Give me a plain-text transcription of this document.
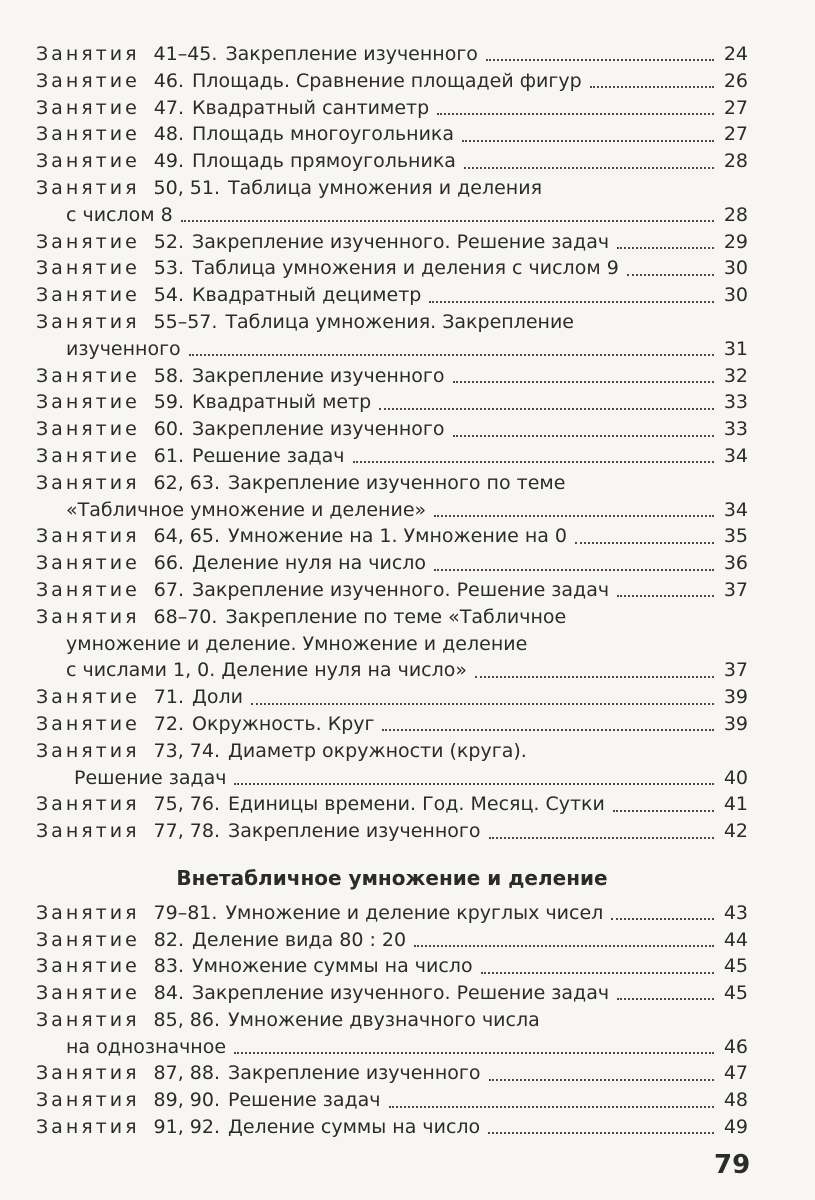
Занятия 41–45. Закрепление изученного	24
Занятие 46. Площадь. Сравнение площадей фигур	26
Занятие 47. Квадратный сантиметр	27
Занятие 48. Площадь многоугольника	27
Занятие 49. Площадь прямоугольника	28
Занятия 50, 51. Таблица умножения и деления
с числом 8	28
Занятие 52. Закрепление изученного. Решение задач	29
Занятие 53. Таблица умножения и деления с числом 9	30
Занятие 54. Квадратный дециметр	30
Занятия 55–57. Таблица умножения. Закрепление
изученного	31
Занятие 58. Закрепление изученного	32
Занятие 59. Квадратный метр	33
Занятие 60. Закрепление изученного	33
Занятие 61. Решение задач	34
Занятия 62, 63. Закрепление изученного по теме
«Табличное умножение и деление»	34
Занятия 64, 65. Умножение на 1. Умножение на 0	35
Занятие 66. Деление нуля на число	36
Занятие 67. Закрепление изученного. Решение задач	37
Занятия 68–70. Закрепление по теме «Табличное
умножение и деление. Умножение и деление
с числами 1, 0. Деление нуля на число»	37
Занятие 71. Доли	39
Занятие 72. Окружность. Круг	39
Занятия 73, 74. Диаметр окружности (круга).
Решение задач	40
Занятия 75, 76. Единицы времени. Год. Месяц. Сутки	41
Занятия 77, 78. Закрепление изученного	42
Внетабличное умножение и деление
Занятия 79–81. Умножение и деление круглых чисел	43
Занятие 82. Деление вида 80 : 20	44
Занятие 83. Умножение суммы на число	45
Занятие 84. Закрепление изученного. Решение задач	45
Занятия 85, 86. Умножение двузначного числа
на однозначное	46
Занятия 87, 88. Закрепление изученного	47
Занятия 89, 90. Решение задач	48
Занятия 91, 92. Деление суммы на число	49
79
